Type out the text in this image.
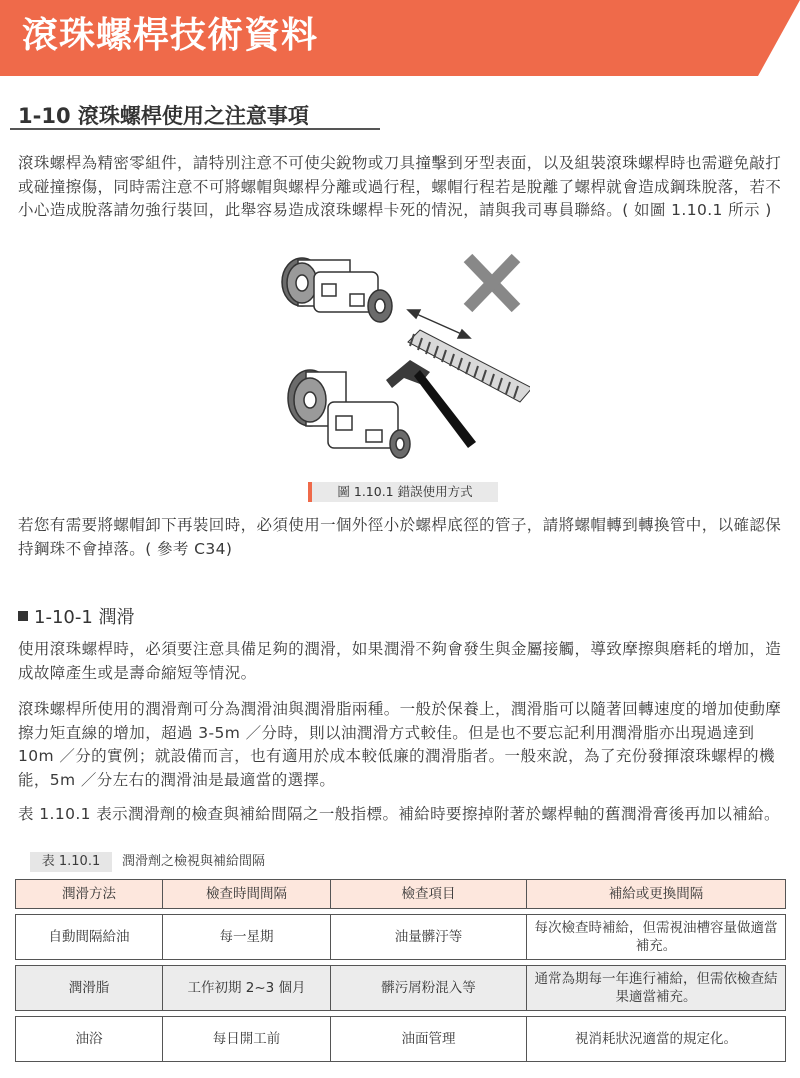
滾珠螺桿技術資料
1-10 滾珠螺桿使用之注意事項

滾珠螺桿為精密零組件，請特別注意不可使尖銳物或刀具撞擊到牙型表面，以及組裝滾珠螺桿時也需避免敲打或碰撞擦傷，同時需注意不可將螺帽與螺桿分離或過行程，螺帽行程若是脫離了螺桿就會造成鋼珠脫落，若不小心造成脫落請勿強行裝回，此舉容易造成滾珠螺桿卡死的情況，請與我司專員聯絡。( 如圖 1.10.1 所示 )

圖 1.10.1 錯誤使用方式

若您有需要將螺帽卸下再裝回時，必須使用一個外徑小於螺桿底徑的管子，請將螺帽轉到轉換管中，以確認保持鋼珠不會掉落。( 參考 C34)

1-10-1 潤滑

使用滾珠螺桿時，必須要注意具備足夠的潤滑，如果潤滑不夠會發生與金屬接觸，導致摩擦與磨耗的增加，造成故障產生或是壽命縮短等情況。

滾珠螺桿所使用的潤滑劑可分為潤滑油與潤滑脂兩種。一般於保養上，潤滑脂可以隨著回轉速度的增加使動摩擦力矩直線的增加，超過 3-5m ／分時，則以油潤滑方式較佳。但是也不要忘記利用潤滑脂亦出現過達到 10m ／分的實例；就設備而言，也有適用於成本較低廉的潤滑脂者。一般來說，為了充份發揮滾珠螺桿的機能，5m ／分左右的潤滑油是最適當的選擇。

表 1.10.1 表示潤滑劑的檢查與補給間隔之一般指標。補給時要擦掉附著於螺桿軸的舊潤滑膏後再加以補給。

表 1.10.1	潤滑劑之檢視與補給間隔
潤滑方法	檢查時間間隔	檢查項目	補給或更換間隔

自動間隔給油	每一星期	油量髒汙等	每次檢查時補給，但需視油槽容量做適當補充。

潤滑脂	工作初期 2~3 個月	髒污屑粉混入等	通常為期每一年進行補給，但需依檢查結果適當補充。

油浴	每日開工前	油面管理	視消耗狀況適當的規定化。
